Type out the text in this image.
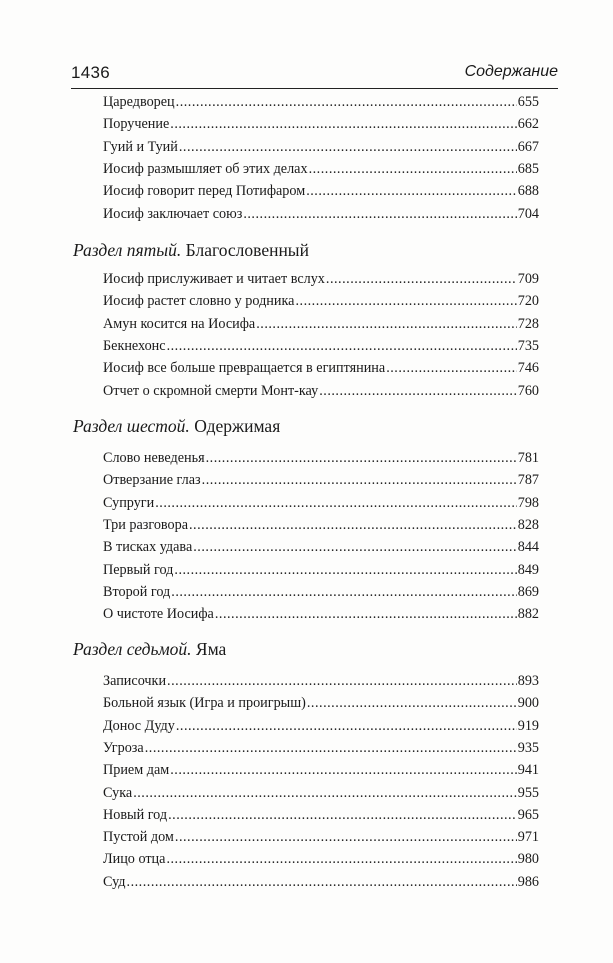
1436	Содержание
Царедворец .....	655
Поручение .....	662
Гуий и Туий .....	667
Иосиф размышляет об этих делах .....	685
Иосиф говорит перед Потифаром .....	688
Иосиф заключает союз .....	704
Раздел пятый. Благословенный
Иосиф прислуживает и читает вслух .....	709
Иосиф растет словно у родника .....	720
Амун косится на Иосифа .....	728
Бекнехонс .....	735
Иосиф все больше превращается в египтянина .....	746
Отчет о скромной смерти Монт-кау .....	760
Раздел шестой. Одержимая
Слово неведенья .....	781
Отверзание глаз .....	787
Супруги .....	798
Три разговора .....	828
В тисках удава .....	844
Первый год .....	849
Второй год .....	869
О чистоте Иосифа .....	882
Раздел седьмой. Яма
Записочки .....	893
Больной язык (Игра и проигрыш) .....	900
Донос Дуду .....	919
Угроза .....	935
Прием дам .....	941
Сука .....	955
Новый год .....	965
Пустой дом .....	971
Лицо отца .....	980
Суд .....	986
